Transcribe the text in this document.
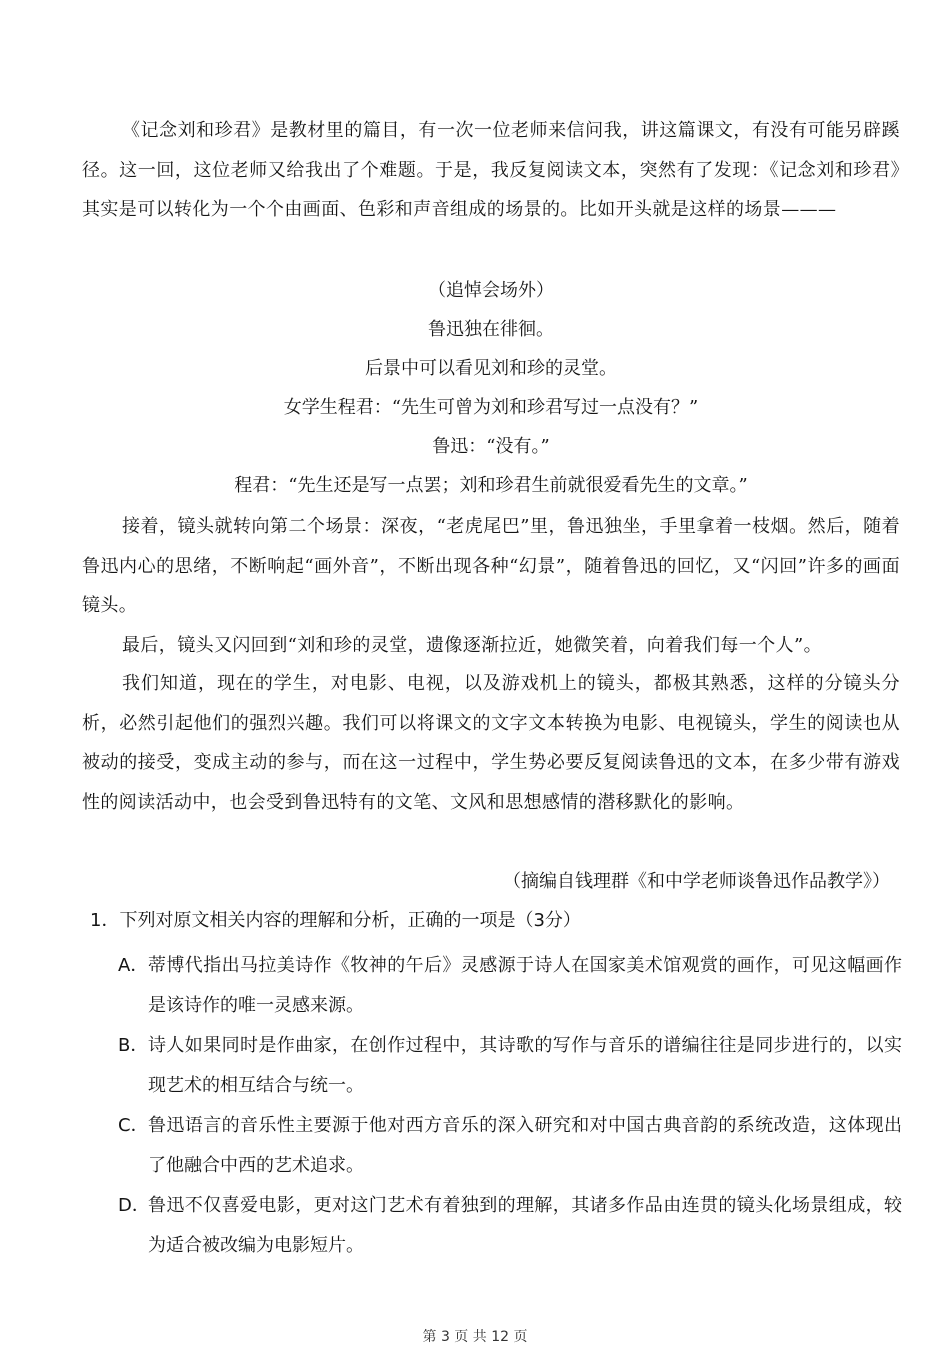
《记念刘和珍君》是教材里的篇目，有一次一位老师来信问我，讲这篇课文，有没有可能另辟蹊径。这一回，这位老师又给我出了个难题。于是，我反复阅读文本，突然有了发现：《记念刘和珍君》其实是可以转化为一个个由画面、色彩和声音组成的场景的。比如开头就是这样的场景———

（追悼会场外）

鲁迅独在徘徊。

后景中可以看见刘和珍的灵堂。

女学生程君：“先生可曾为刘和珍君写过一点没有？”

鲁迅：“没有。”

程君：“先生还是写一点罢；刘和珍君生前就很爱看先生的文章。”

接着，镜头就转向第二个场景：深夜，“老虎尾巴”里，鲁迅独坐，手里拿着一枝烟。然后，随着鲁迅内心的思绪，不断响起“画外音”，不断出现各种“幻景”，随着鲁迅的回忆，又“闪回”许多的画面镜头。

最后，镜头又闪回到“刘和珍的灵堂，遗像逐渐拉近，她微笑着，向着我们每一个人”。

我们知道，现在的学生，对电影、电视，以及游戏机上的镜头，都极其熟悉，这样的分镜头分析，必然引起他们的强烈兴趣。我们可以将课文的文字文本转换为电影、电视镜头，学生的阅读也从被动的接受，变成主动的参与，而在这一过程中，学生势必要反复阅读鲁迅的文本，在多少带有游戏性的阅读活动中，也会受到鲁迅特有的文笔、文风和思想感情的潜移默化的影响。

（摘编自钱理群《和中学老师谈鲁迅作品教学》）

1．下列对原文相关内容的理解和分析，正确的一项是（3分）

A． 蒂博代指出马拉美诗作《牧神的午后》灵感源于诗人在国家美术馆观赏的画作，可见这幅画作是该诗作的唯一灵感来源。

B． 诗人如果同时是作曲家，在创作过程中，其诗歌的写作与音乐的谱编往往是同步进行的，以实现艺术的相互结合与统一。

C． 鲁迅语言的音乐性主要源于他对西方音乐的深入研究和对中国古典音韵的系统改造，这体现出了他融合中西的艺术追求。

D．
鲁迅不仅喜爱电影，更对这门艺术有着独到的理解，其诸多作品由连贯的镜头化场景组成，较为适合被改编为电影短片。

第 3 页 共 12 页
